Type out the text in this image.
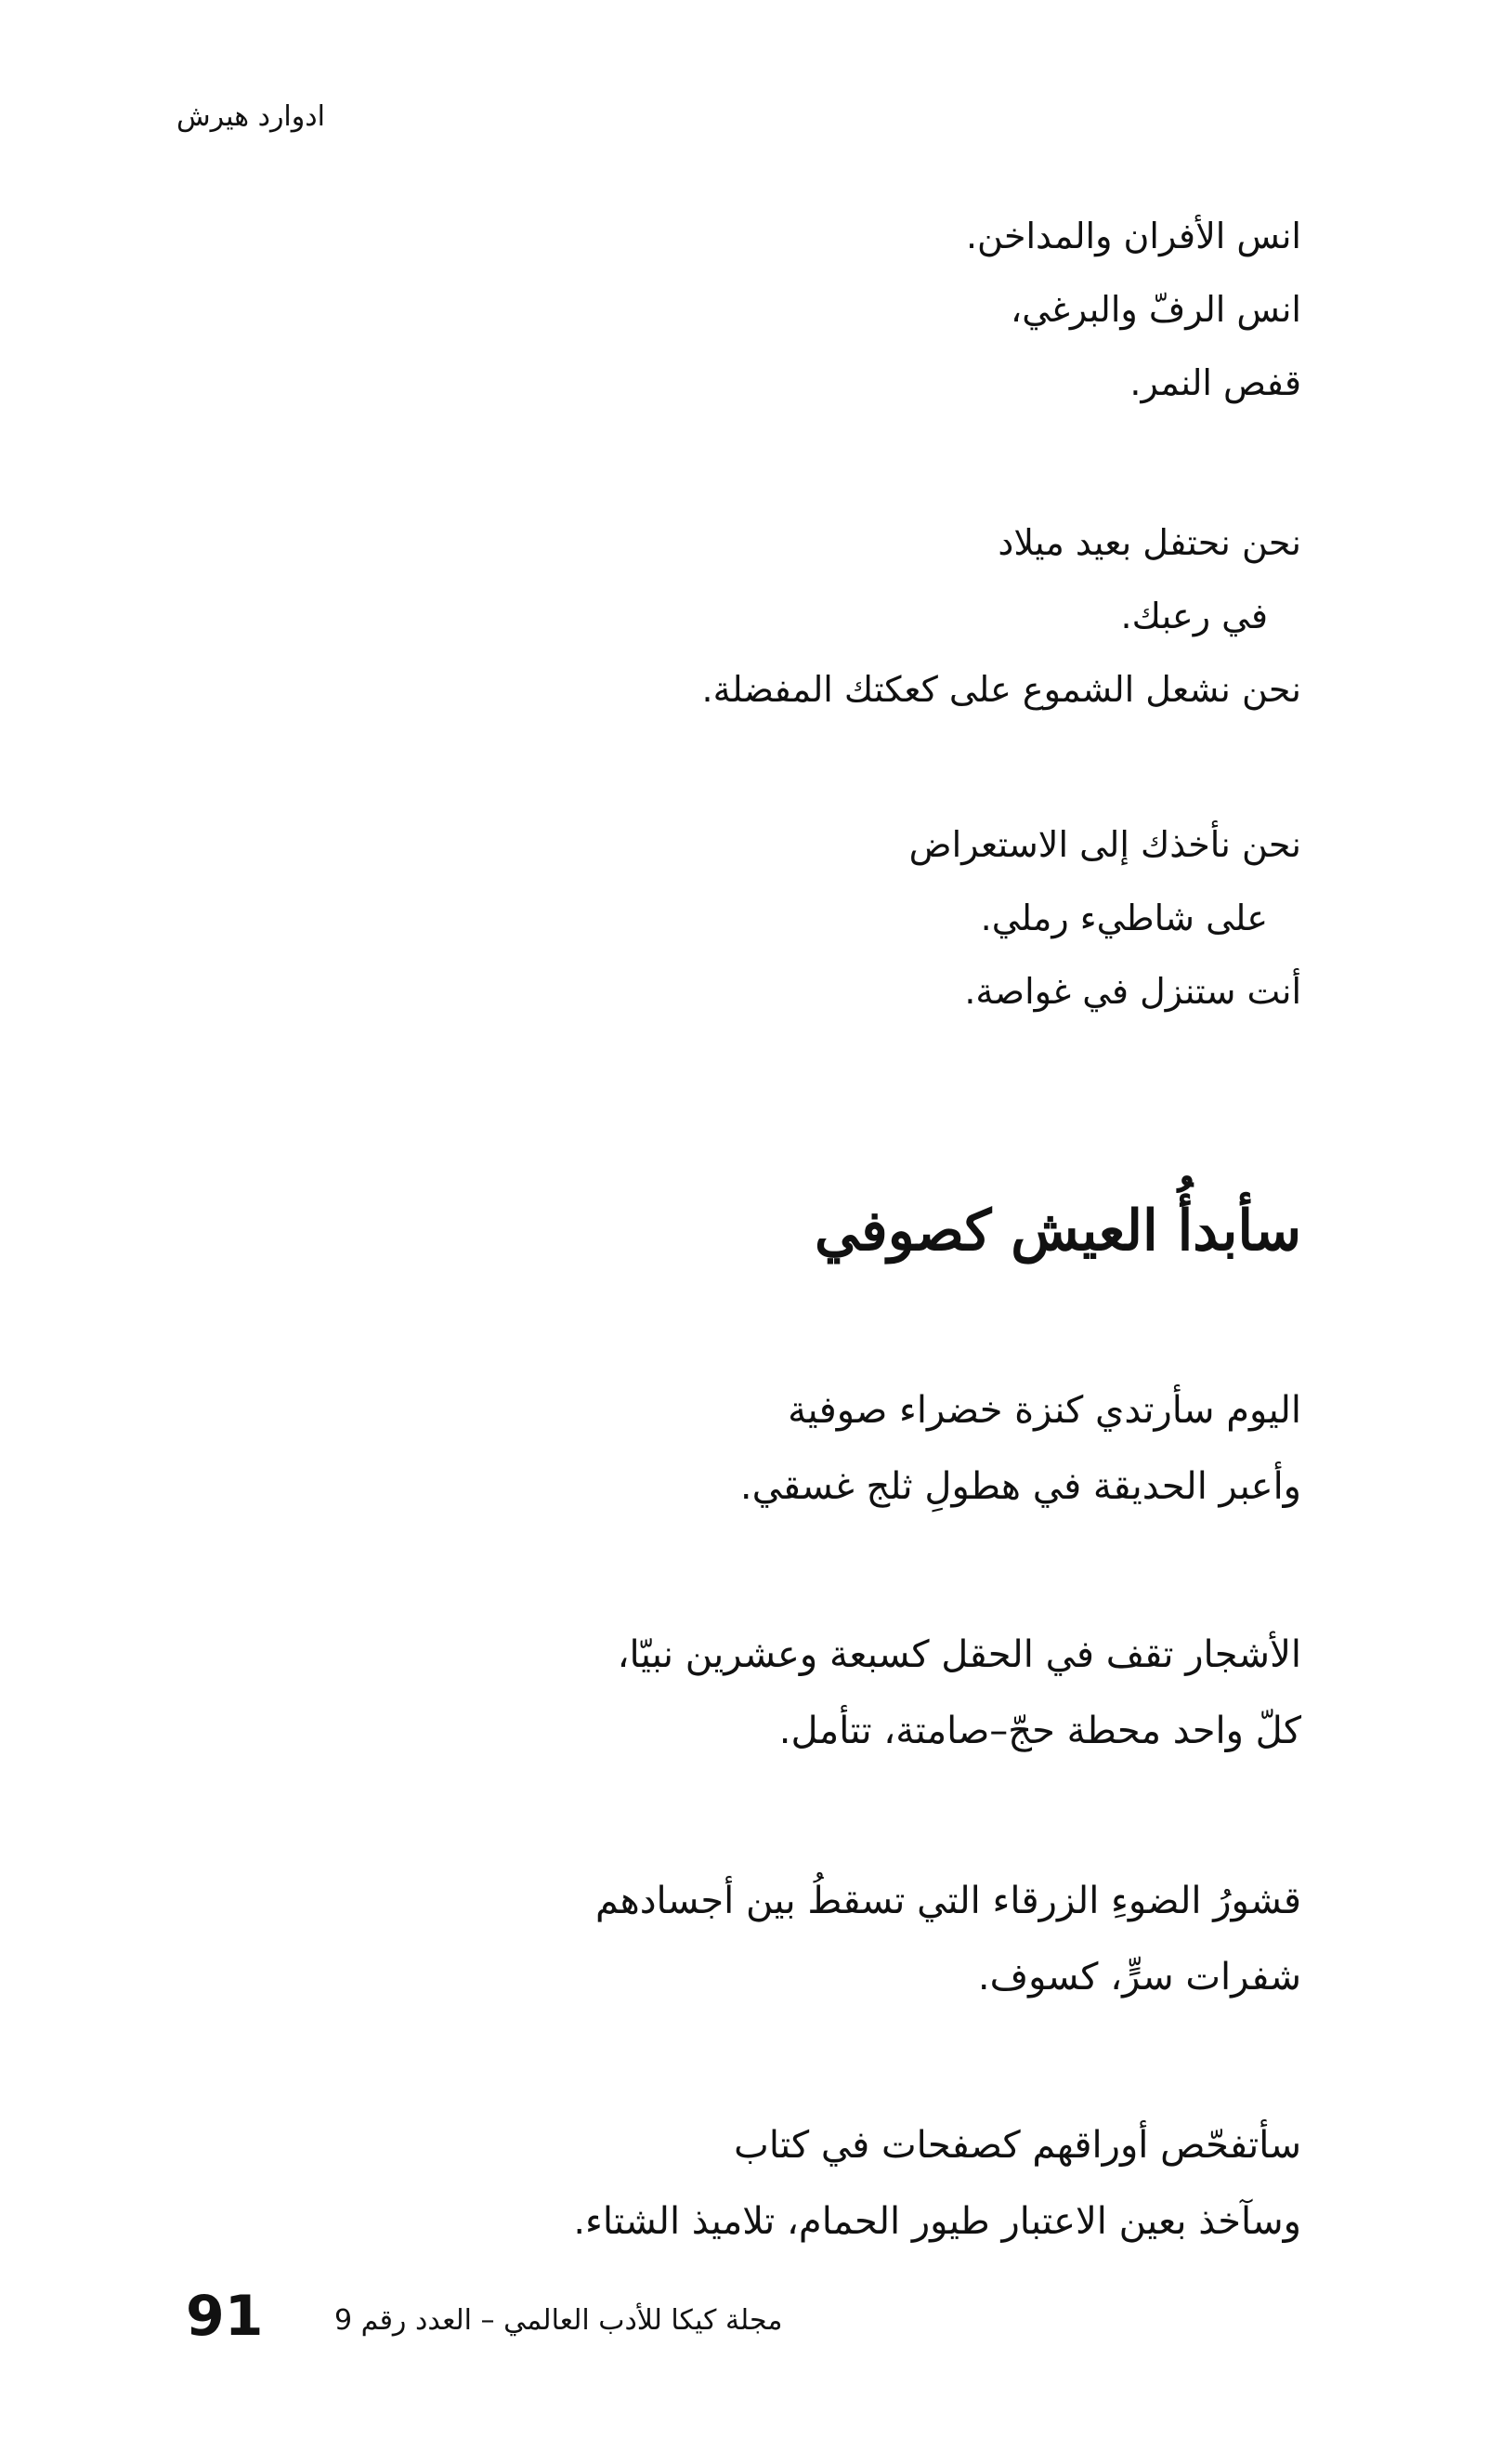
ادوارد هيرش
انس الأفران والمداخن.
انس الرفّ والبرغي،
قفص النمر.
نحن نحتفل بعيد ميلاد
في رعبك.
نحن نشعل الشموع على كعكتك المفضلة.
نحن نأخذك إلى الاستعراض
على شاطيء رملي.
أنت ستنزل في غواصة.
سأبدأُ العيش كصوفي
اليوم سأرتدي كنزة خضراء صوفية
وأعبر الحديقة في هطولِ ثلج غسقي.
الأشجار تقف في الحقل كسبعة وعشرين نبيّا،
كلّ واحد محطة حجّ–صامتة، تتأمل.
قشورُ الضوءِ الزرقاء التي تسقطُ بين أجسادهم
شفرات سرٍّ، كسوف.
سأتفحّص أوراقهم كصفحات في كتاب
وسآخذ بعين الاعتبار طيور الحمام، تلاميذ الشتاء.
مجلة كيكا للأدب العالمي – العدد رقم 9
91
